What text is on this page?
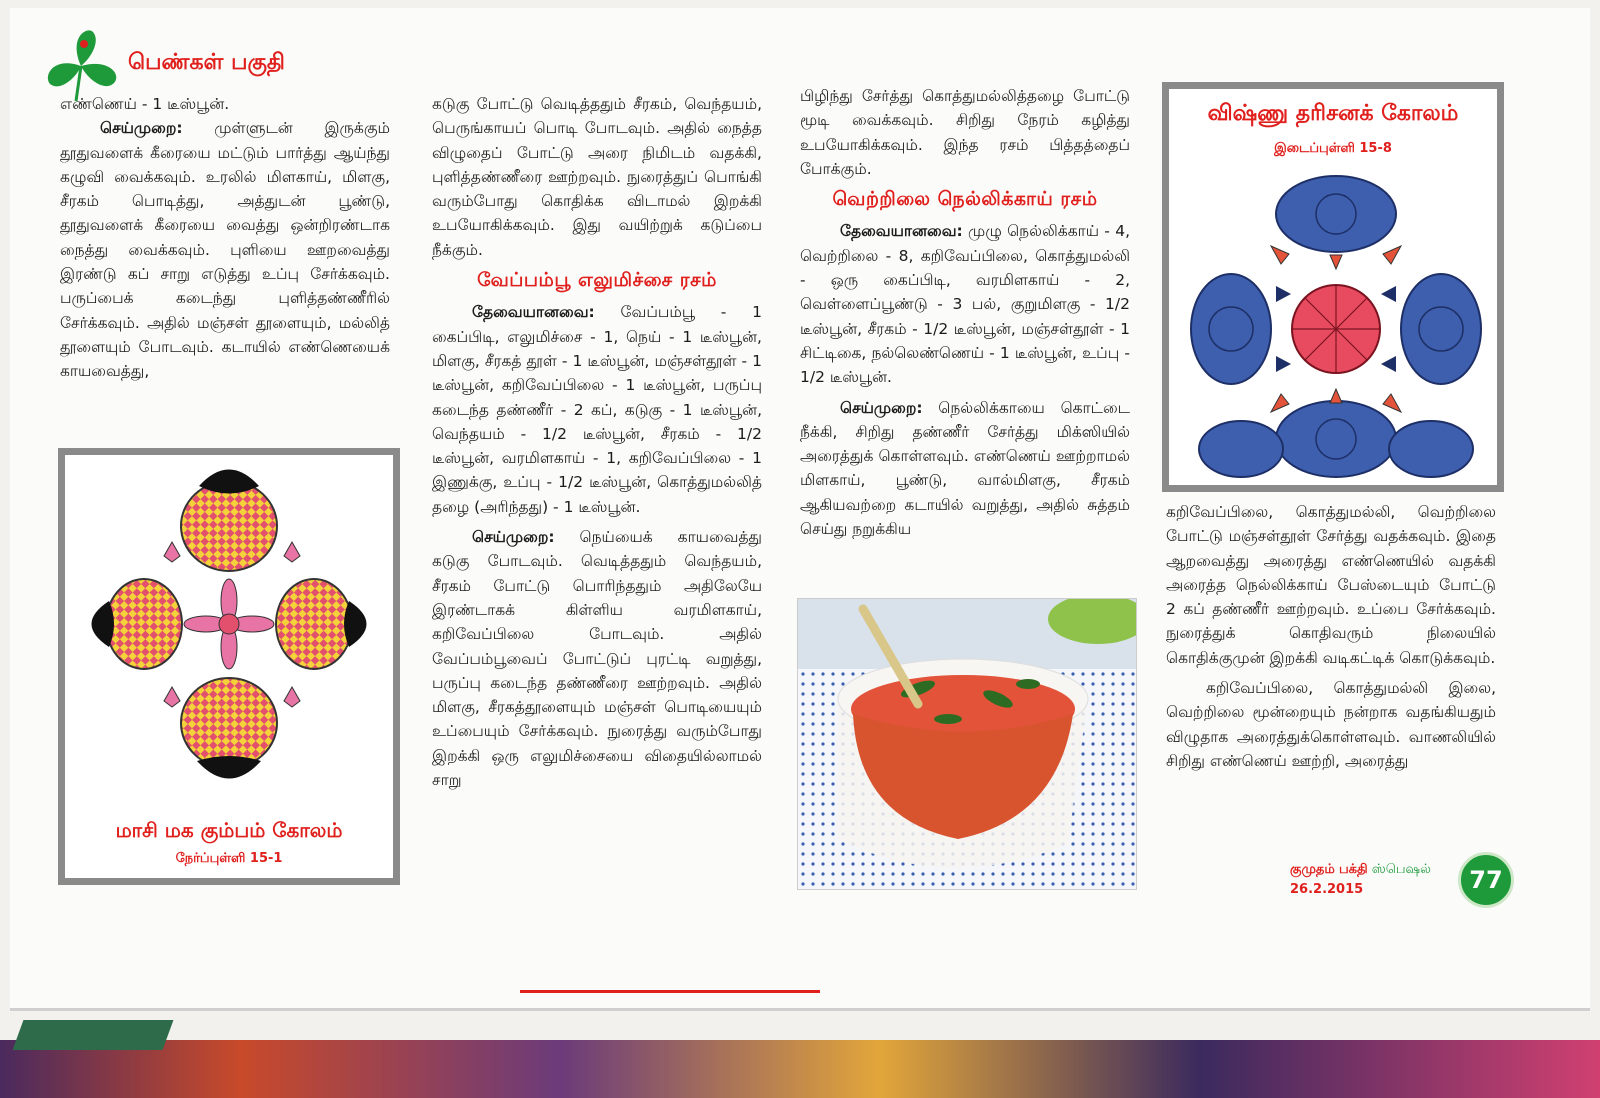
பெண்கள் பகுதி

எண்ணெய் - 1 டீஸ்பூன்.

செய்முறை: முள்ளுடன் இருக்கும் தூதுவளைக் கீரையை மட்டும் பார்த்து ஆய்ந்து கழுவி வைக்கவும். உரலில் மிளகாய், மிளகு, சீரகம் பொடித்து, அத்துடன் பூண்டு, தூதுவளைக் கீரையை வைத்து ஒன்றிரண்டாக நைத்து வைக்கவும். புளியை ஊறவைத்து இரண்டு கப் சாறு எடுத்து உப்பு சேர்க்கவும். பருப்பைக் கடைந்து புளித்தண்ணீரில் சேர்க்கவும். அதில் மஞ்சள் தூளையும், மல்லித் தூளையும் போடவும். கடாயில் எண்ணெயைக் காயவைத்து,

மாசி மக கும்பம் கோலம்
நேர்ப்புள்ளி 15-1

கடுகு போட்டு வெடித்ததும் சீரகம், வெந்தயம், பெருங்காயப் பொடி போடவும். அதில் நைத்த விழுதைப் போட்டு அரை நிமிடம் வதக்கி, புளித்தண்ணீரை ஊற்றவும். நுரைத்துப் பொங்கி வரும்போது கொதிக்க விடாமல் இறக்கி உபயோகிக்கவும். இது வயிற்றுக் கடுப்பை நீக்கும்.

வேப்பம்பூ எலுமிச்சை ரசம்

தேவையானவை: வேப்பம்பூ - 1 கைப்பிடி, எலுமிச்சை - 1, நெய் - 1 டீஸ்பூன், மிளகு, சீரகத் தூள் - 1 டீஸ்பூன், மஞ்சள்தூள் - 1 டீஸ்பூன், கறிவேப்பிலை - 1 டீஸ்பூன், பருப்பு கடைந்த தண்ணீர் - 2 கப், கடுகு - 1 டீஸ்பூன், வெந்தயம் - 1/2 டீஸ்பூன், சீரகம் - 1/2 டீஸ்பூன், வரமிளகாய் - 1, கறிவேப்பிலை - 1 இணுக்கு, உப்பு - 1/2 டீஸ்பூன், கொத்துமல்லித் தழை (அரிந்தது) - 1 டீஸ்பூன்.

செய்முறை: நெய்யைக் காயவைத்து கடுகு போடவும். வெடித்ததும் வெந்தயம், சீரகம் போட்டு பொரிந்ததும் அதிலேயே இரண்டாகக் கிள்ளிய வரமிளகாய், கறிவேப்பிலை போடவும். அதில் வேப்பம்பூவைப் போட்டுப் புரட்டி வறுத்து, பருப்பு கடைந்த தண்ணீரை ஊற்றவும். அதில் மிளகு, சீரகத்தூளையும் மஞ்சள் பொடியையும் உப்பையும் சேர்க்கவும். நுரைத்து வரும்போது இறக்கி ஒரு எலுமிச்சையை விதையில்லாமல் சாறு

பிழிந்து சேர்த்து கொத்துமல்லித்தழை போட்டு மூடி வைக்கவும். சிறிது நேரம் கழித்து உபயோகிக்கவும். இந்த ரசம் பித்தத்தைப் போக்கும்.

வெற்றிலை நெல்லிக்காய் ரசம்

தேவையானவை: முழு நெல்லிக்காய் - 4, வெற்றிலை - 8, கறிவேப்பிலை, கொத்துமல்லி - ஒரு கைப்பிடி, வரமிளகாய் - 2, வெள்ளைப்பூண்டு - 3 பல், குறுமிளகு - 1/2 டீஸ்பூன், சீரகம் - 1/2 டீஸ்பூன், மஞ்சள்தூள் - 1 சிட்டிகை, நல்லெண்ணெய் - 1 டீஸ்பூன், உப்பு - 1/2 டீஸ்பூன்.

செய்முறை: நெல்லிக்காயை கொட்டை நீக்கி, சிறிது தண்ணீர் சேர்த்து மிக்ஸியில் அரைத்துக் கொள்ளவும். எண்ணெய் ஊற்றாமல் மிளகாய், பூண்டு, வால்மிளகு, சீரகம் ஆகியவற்றை கடாயில் வறுத்து, அதில் சுத்தம் செய்து நறுக்கிய

விஷ்ணு தரிசனக் கோலம்
இடைப்புள்ளி 15-8

கறிவேப்பிலை, கொத்துமல்லி, வெற்றிலை போட்டு மஞ்சள்தூள் சேர்த்து வதக்கவும். இதை ஆறவைத்து அரைத்து எண்ணெயில் வதக்கி அரைத்த நெல்லிக்காய் பேஸ்டையும் போட்டு 2 கப் தண்ணீர் ஊற்றவும். உப்பை சேர்க்கவும். நுரைத்துக் கொதிவரும் நிலையில் கொதிக்குமுன் இறக்கி வடிகட்டிக் கொடுக்கவும்.

கறிவேப்பிலை, கொத்துமல்லி இலை, வெற்றிலை மூன்றையும் நன்றாக வதங்கியதும் விழுதாக அரைத்துக்கொள்ளவும். வாணலியில் சிறிது எண்ணெய் ஊற்றி, அரைத்து

குமுதம் பக்தி ஸ்பெஷல்
26.2.2015	77
